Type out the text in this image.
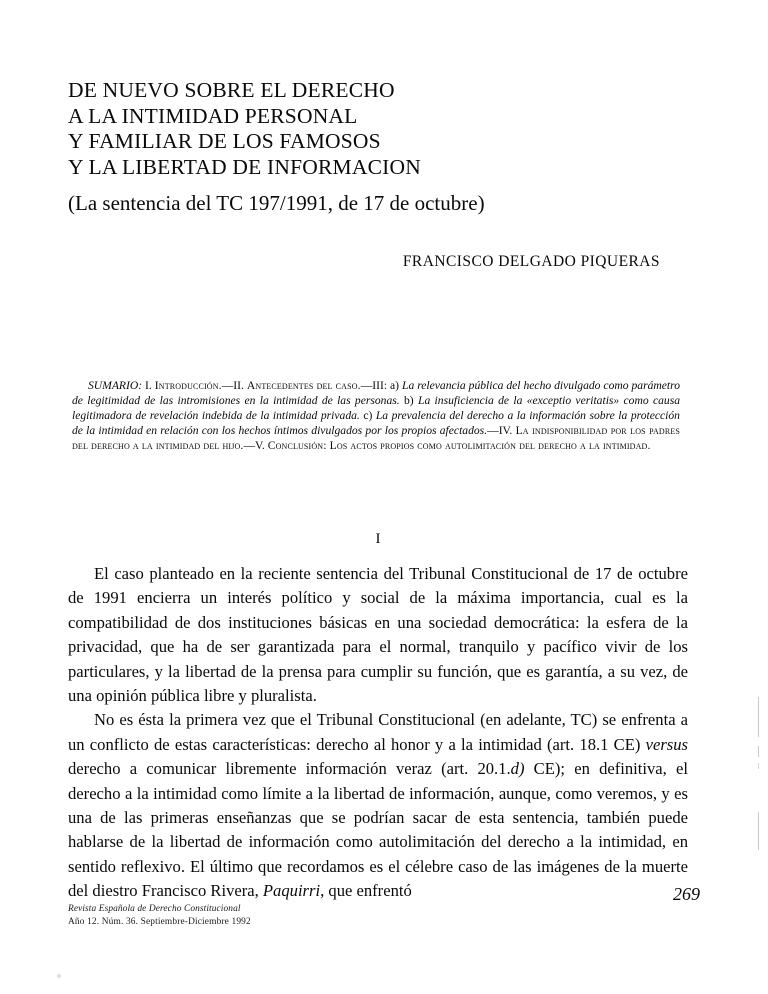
DE NUEVO SOBRE EL DERECHO
A LA INTIMIDAD PERSONAL
Y FAMILIAR DE LOS FAMOSOS
Y LA LIBERTAD DE INFORMACION
(La sentencia del TC 197/1991, de 17 de octubre)
FRANCISCO DELGADO PIQUERAS
SUMARIO: I. Introducción.—II. Antecedentes del caso.—III: a) La relevancia pública del hecho divulgado como parámetro de legitimidad de las intromisiones en la intimidad de las personas. b) La insuficiencia de la «exceptio veritatis» como causa legitimadora de revelación indebida de la intimidad privada. c) La prevalencia del derecho a la información sobre la protección de la intimidad en relación con los hechos íntimos divulgados por los propios afectados.—IV. La indisponibilidad por los padres del derecho a la intimidad del hijo.—V. Conclusión: Los actos propios como autolimitación del derecho a la intimidad.
I

El caso planteado en la reciente sentencia del Tribunal Constitucional de 17 de octubre de 1991 encierra un interés político y social de la máxima importancia, cual es la compatibilidad de dos instituciones básicas en una sociedad democrática: la esfera de la privacidad, que ha de ser garantizada para el normal, tranquilo y pacífico vivir de los particulares, y la libertad de la prensa para cumplir su función, que es garantía, a su vez, de una opinión pública libre y pluralista.

No es ésta la primera vez que el Tribunal Constitucional (en adelante, TC) se enfrenta a un conflicto de estas características: derecho al honor y a la intimidad (art. 18.1 CE) versus derecho a comunicar libremente información veraz (art. 20.1.d) CE); en definitiva, el derecho a la intimidad como límite a la libertad de información, aunque, como veremos, y es una de las primeras enseñanzas que se podrían sacar de esta sentencia, también puede hablarse de la libertad de información como autolimitación del derecho a la intimidad, en sentido reflexivo. El último que recordamos es el célebre caso de las imágenes de la muerte del diestro Francisco Rivera, Paquirri, que enfrentó	269
Revista Española de Derecho Constitucional
Año 12. Núm. 36. Septiembre-Diciembre 1992
